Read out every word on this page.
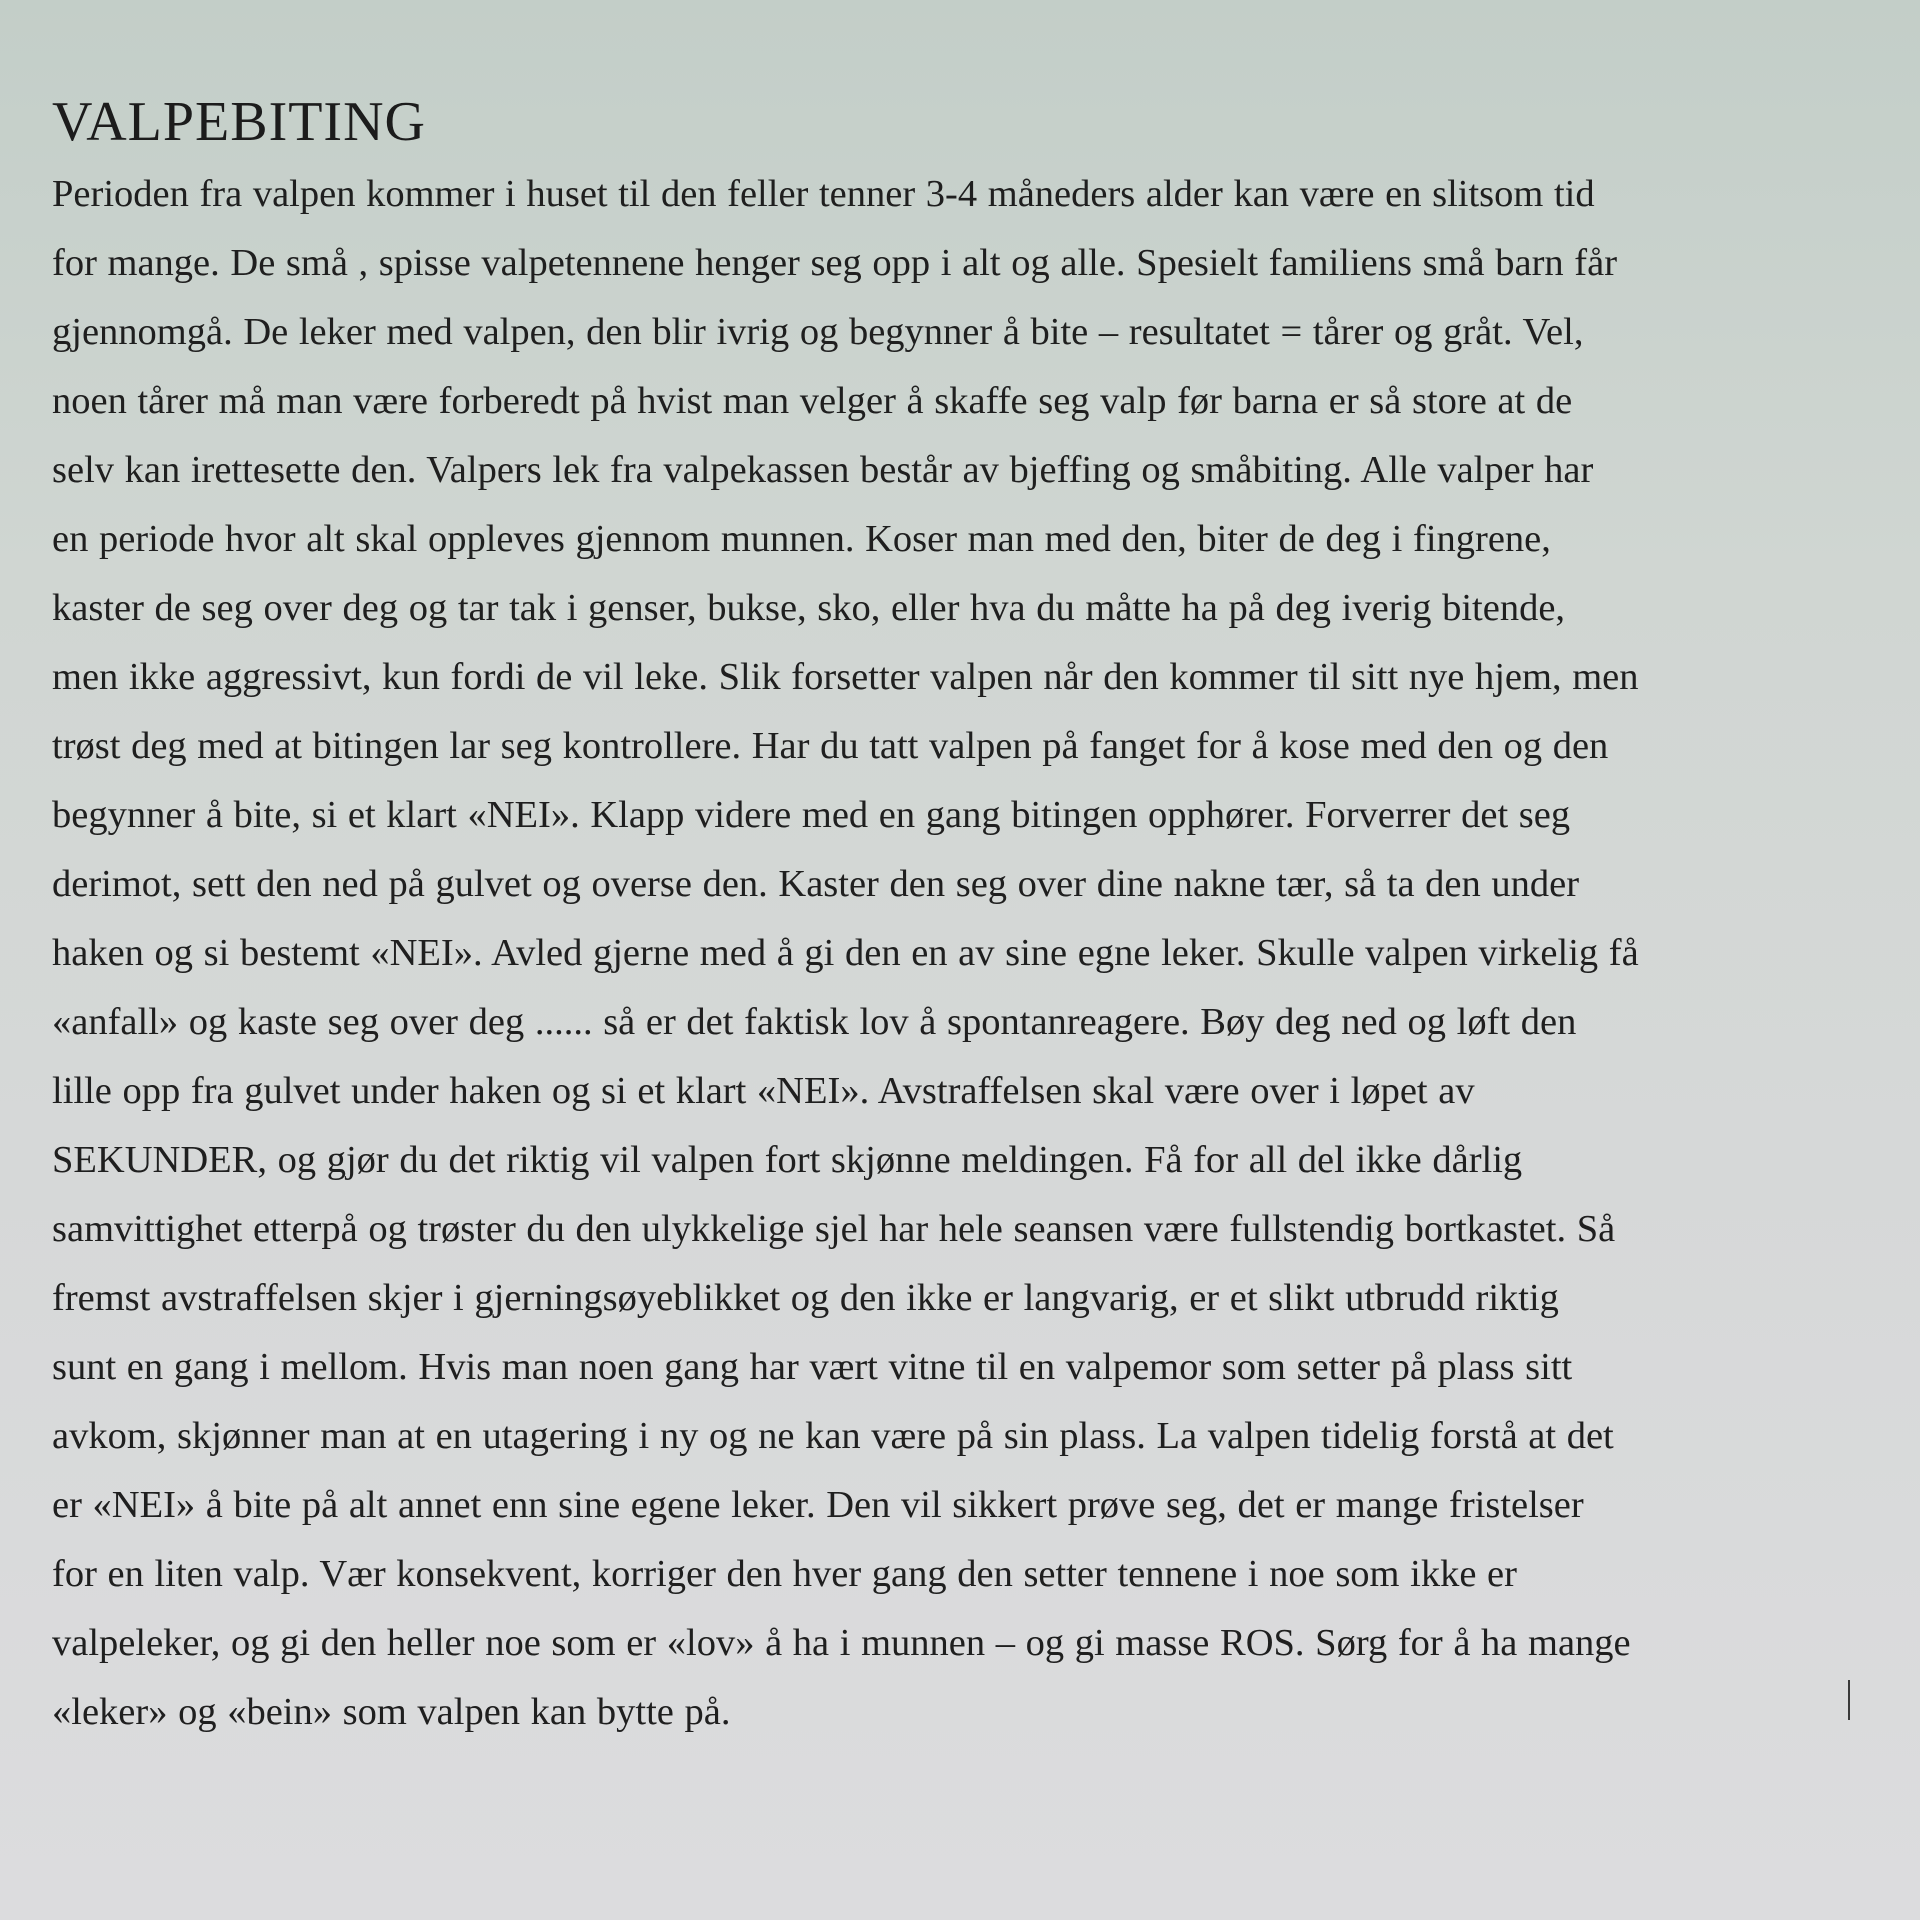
VALPEBITING

Perioden fra valpen kommer i huset til den feller tenner 3-4 måneders alder kan være en slitsom tid
for mange. De små , spisse valpetennene henger seg opp i alt og alle. Spesielt familiens små barn får
gjennomgå. De leker med valpen, den blir ivrig og begynner å bite – resultatet = tårer og gråt. Vel,
noen tårer må man være forberedt på hvist man velger å skaffe seg valp før barna er så store at de
selv kan irettesette den. Valpers lek fra valpekassen består av bjeffing og småbiting. Alle valper har
en periode hvor alt skal oppleves gjennom munnen. Koser man med den, biter de deg i fingrene,
kaster de seg over deg og tar tak i genser, bukse, sko, eller hva du måtte ha på deg iverig bitende,
men ikke aggressivt, kun fordi de vil leke. Slik forsetter valpen når den kommer til sitt nye hjem, men
trøst deg med at bitingen lar seg kontrollere. Har du tatt valpen på fanget for å kose med den og den
begynner å bite, si et klart «NEI». Klapp videre med en gang bitingen opphører. Forverrer det seg
derimot, sett den ned på gulvet og overse den. Kaster den seg over dine nakne tær, så ta den under
haken og si bestemt «NEI». Avled gjerne med å gi den en av sine egne leker. Skulle valpen virkelig få
«anfall» og kaste seg over deg ...... så er det faktisk lov å spontanreagere. Bøy deg ned og løft den
lille opp fra gulvet under haken og si et klart «NEI». Avstraffelsen skal være over i løpet av
SEKUNDER, og gjør du det riktig vil valpen fort skjønne meldingen. Få for all del ikke dårlig
samvittighet etterpå og trøster du den ulykkelige sjel har hele seansen være fullstendig bortkastet. Så
fremst avstraffelsen skjer i gjerningsøyeblikket og den ikke er langvarig, er et slikt utbrudd riktig
sunt en gang i mellom. Hvis man noen gang har vært vitne til en valpemor som setter på plass sitt
avkom, skjønner man at en utagering i ny og ne kan være på sin plass. La valpen tidelig forstå at det
er «NEI» å bite på alt annet enn sine egene leker. Den vil sikkert prøve seg, det er mange fristelser
for en liten valp. Vær konsekvent, korriger den hver gang den setter tennene i noe som ikke er
valpeleker, og gi den heller noe som er «lov» å ha i munnen – og gi masse ROS. Sørg for å ha mange
«leker» og «bein» som valpen kan bytte på.
